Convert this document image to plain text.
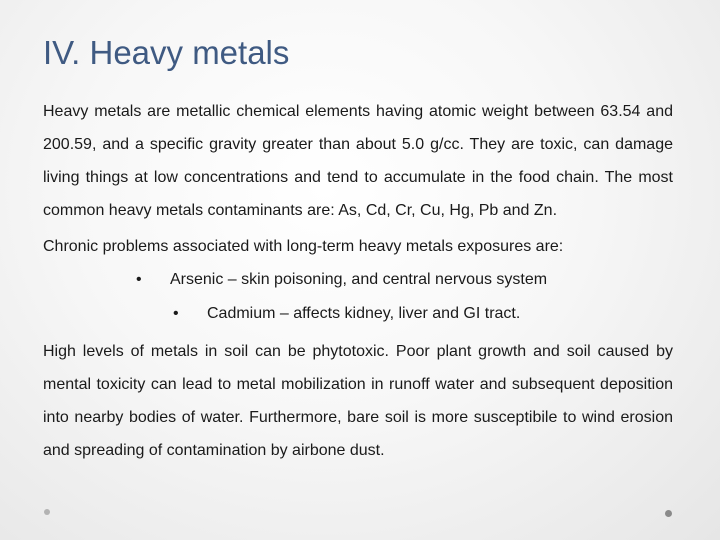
IV. Heavy metals

Heavy metals are metallic chemical elements having atomic weight between 63.54 and 200.59, and a specific gravity greater than about 5.0 g/cc. They are toxic, can damage living things at low concentrations and tend to accumulate in the food chain. The most common heavy metals contaminants are: As, Cd, Cr, Cu, Hg, Pb and Zn.

Chronic problems associated with long-term heavy metals exposures are:

• Arsenic – skin poisoning, and central nervous system
• Cadmium – affects kidney, liver and GI tract.

High levels of metals in soil can be phytotoxic. Poor plant growth and soil caused by mental toxicity can lead to metal mobilization in runoff water and subsequent deposition into nearby bodies of water. Furthermore, bare soil is more susceptibile to wind erosion and spreading of contamination by airbone dust.
